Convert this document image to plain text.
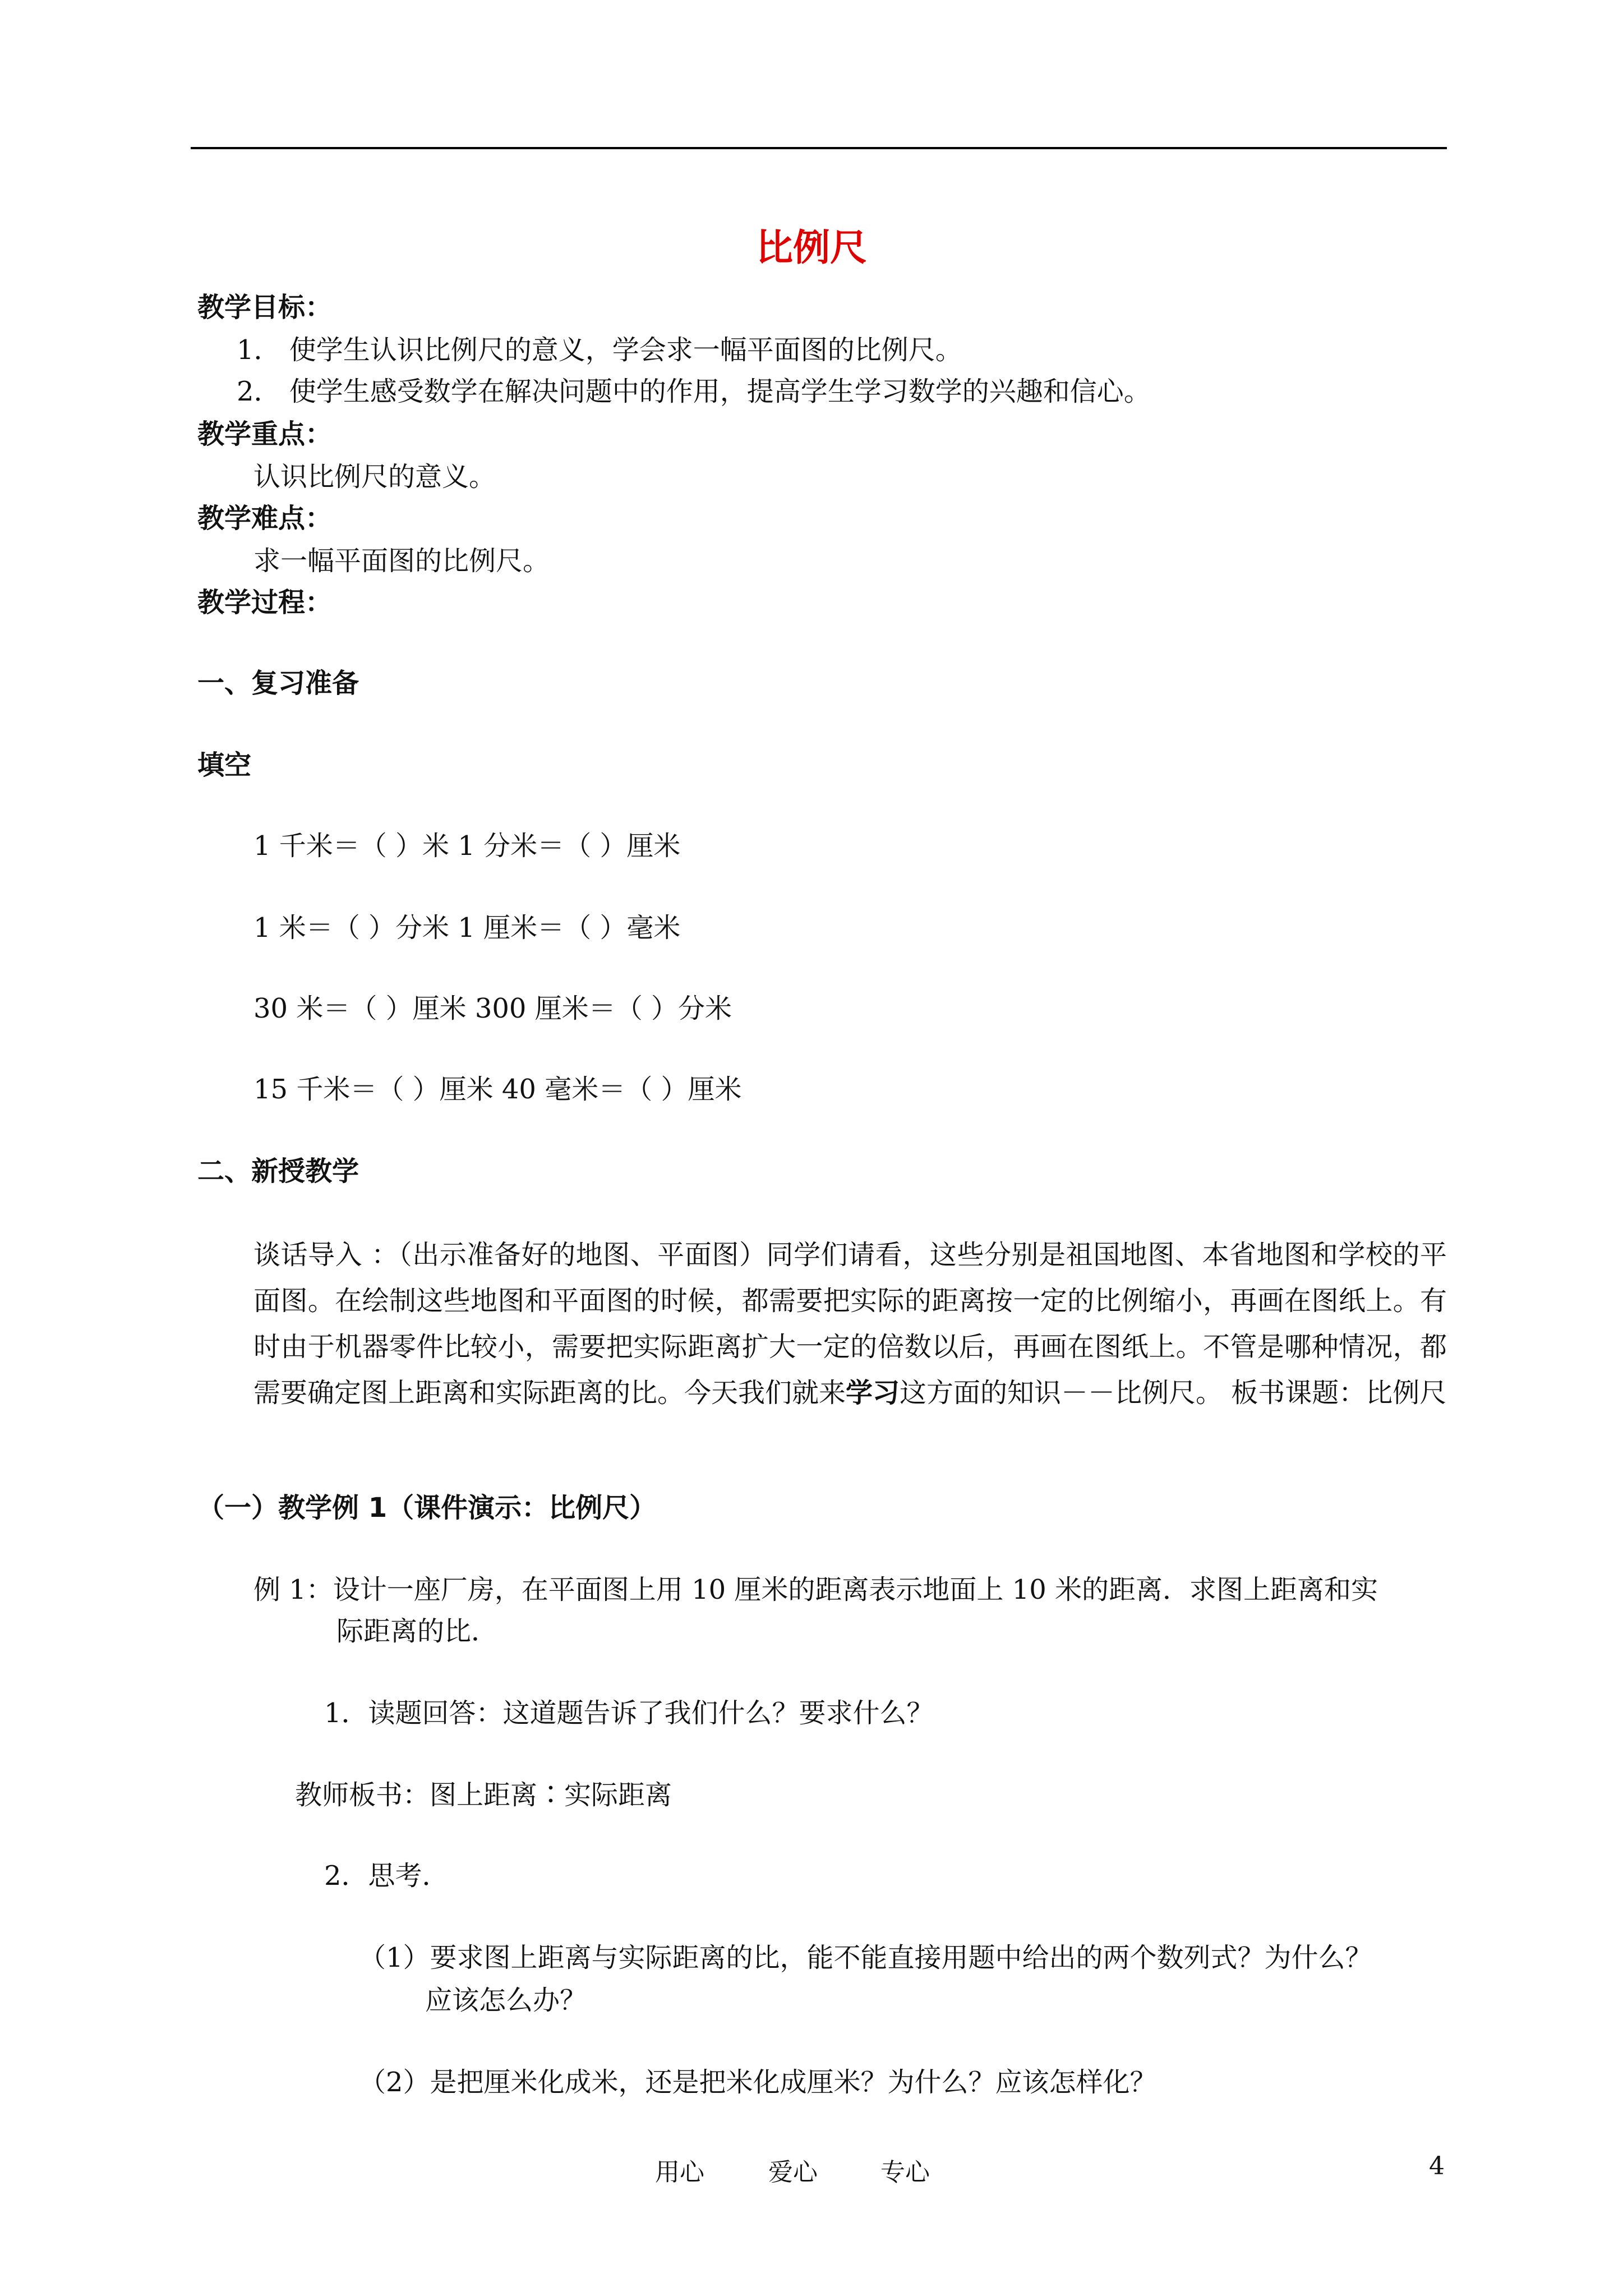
比例尺
教学目标：
1． 使学生认识比例尺的意义，学会求一幅平面图的比例尺。
2． 使学生感受数学在解决问题中的作用，提高学生学习数学的兴趣和信心。
教学重点：
认识比例尺的意义。
教学难点：
求一幅平面图的比例尺。
教学过程：
一、复习准备
填空
1 千米＝（ ）米 1 分米＝（ ）厘米
1 米＝（ ）分米 1 厘米＝（ ）毫米
30 米＝（ ）厘米 300 厘米＝（ ）分米
15 千米＝（ ）厘米 40 毫米＝（ ）厘米
二、新授教学
谈话导入 ：（出示准备好的地图、平面图）同学们请看，这些分别是祖国地图、本省地图和学校的平面图。在绘制这些地图和平面图的时候，都需要把实际的距离按一定的比例缩小，再画在图纸上。有时由于机器零件比较小，需要把实际距离扩大一定的倍数以后，再画在图纸上。不管是哪种情况，都需要确定图上距离和实际距离的比。今天我们就来学习这方面的知识－－比例尺。 板书课题：比例尺
（一）教学例 1（课件演示：比例尺）
例 1：设计一座厂房，在平面图上用 10 厘米的距离表示地面上 10 米的距离．求图上距离和实
际距离的比．
1．读题回答：这道题告诉了我们什么？要求什么？
教师板书：图上距离∶实际距离
2．思考．
（1）要求图上距离与实际距离的比，能不能直接用题中给出的两个数列式？为什么？
应该怎么办？
（2）是把厘米化成米，还是把米化成厘米？为什么？应该怎样化？
用心	爱心	专心	4
